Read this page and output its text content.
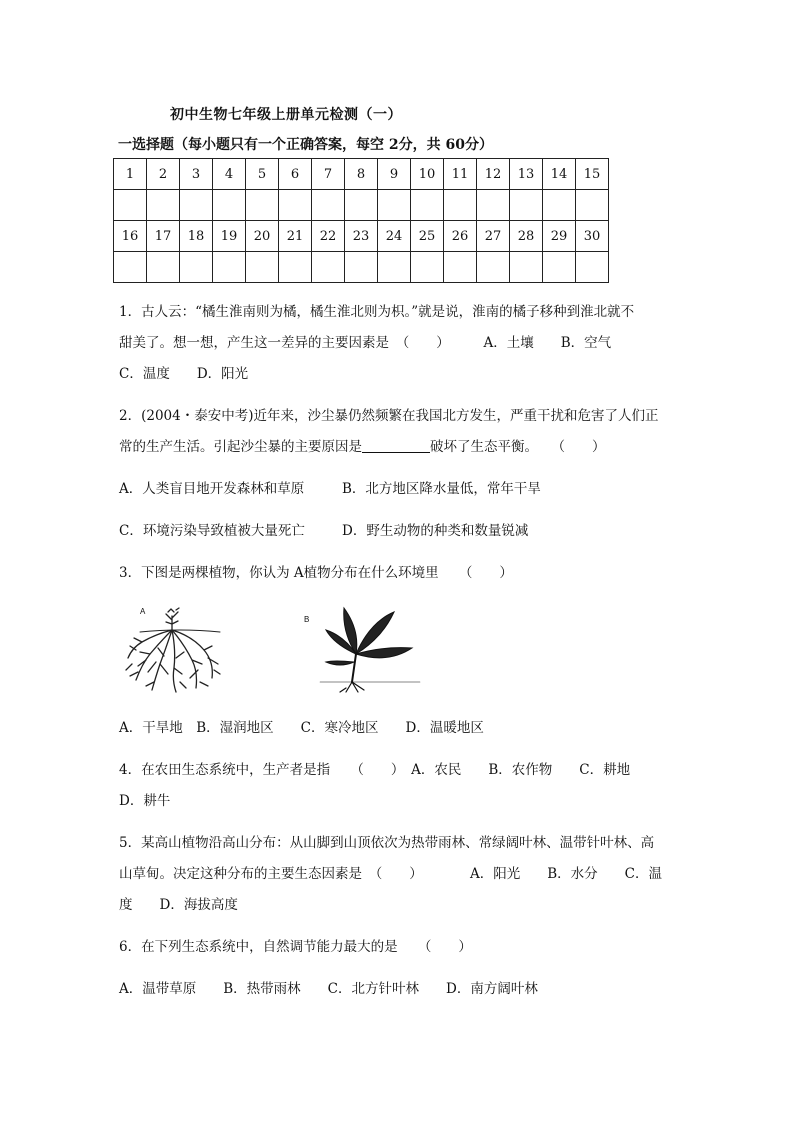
初中生物七年级上册单元检测（一）
一选择题（每小题只有一个正确答案，每空 2分，共 60分）
1	2	3	4	5	6	7	8	9	10	11	12	13	14	15

16	17	18	19	20	21	22	23	24	25	26	27	28	29	30

1．古人云：“橘生淮南则为橘，橘生淮北则为枳。”就是说，淮南的橘子移种到淮北就不
甜美了。想一想，产生这一差异的主要因素是　（　　）　　　A．土壤　　B．空气
C．温度　　D．阳光
2．(2004・泰安中考)近年来，沙尘暴仍然频繁在我国北方发生，严重干扰和危害了人们正
常的生产生活。引起沙尘暴的主要原因是	破坏了生态平衡。　　（　　）
A．人类盲目地开发森林和草原	B．北方地区降水量低，常年干旱
C．环境污染导致植被大量死亡	D．野生动物的种类和数量锐减
3．下图是两棵植物，你认为 A植物分布在什么环境里　　（　　）
A
B
A．干旱地　B．湿润地区　　C．寒冷地区　　D．温暖地区
4．在农田生态系统中，生产者是指　　（　　）　A．农民　　B．农作物　　C．耕地
D．耕牛
5．某高山植物沿高山分布：从山脚到山顶依次为热带雨林、常绿阔叶林、温带针叶林、高
山草甸。决定这种分布的主要生态因素是　（　　）　　　　A．阳光　　B．水分　　C．温
度　　D．海拔高度
6．在下列生态系统中，自然调节能力最大的是　　（　　）
A．温带草原　　B．热带雨林　　C．北方针叶林　　D．南方阔叶林
